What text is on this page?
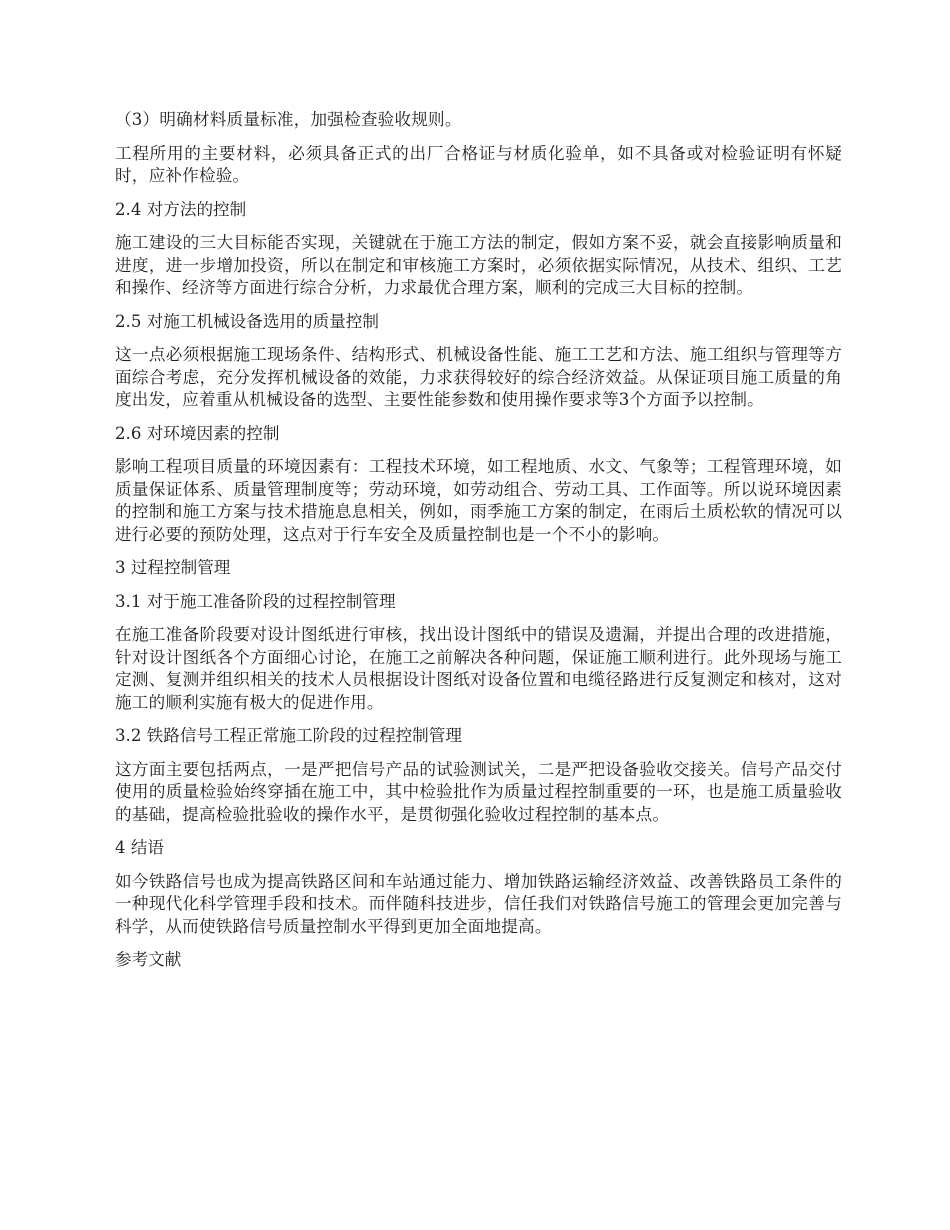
（3）明确材料质量标准，加强检查验收规则。

工程所用的主要材料，必须具备正式的出厂合格证与材质化验单，如不具备或对检验证明有怀疑时，应补作检验。

2.4 对方法的控制

施工建设的三大目标能否实现，关键就在于施工方法的制定，假如方案不妥，就会直接影响质量和进度，进一步增加投资，所以在制定和审核施工方案时，必须依据实际情况，从技术、组织、工艺和操作、经济等方面进行综合分析，力求最优合理方案，顺利的完成三大目标的控制。

2.5 对施工机械设备选用的质量控制

这一点必须根据施工现场条件、结构形式、机械设备性能、施工工艺和方法、施工组织与管理等方面综合考虑，充分发挥机械设备的效能，力求获得较好的综合经济效益。从保证项目施工质量的角度出发，应着重从机械设备的选型、主要性能参数和使用操作要求等3个方面予以控制。

2.6 对环境因素的控制

影响工程项目质量的环境因素有：工程技术环境，如工程地质、水文、气象等；工程管理环境，如质量保证体系、质量管理制度等；劳动环境，如劳动组合、劳动工具、工作面等。所以说环境因素的控制和施工方案与技术措施息息相关，例如，雨季施工方案的制定，在雨后土质松软的情况可以进行必要的预防处理，这点对于行车安全及质量控制也是一个不小的影响。

3 过程控制管理

3.1 对于施工准备阶段的过程控制管理

在施工准备阶段要对设计图纸进行审核，找出设计图纸中的错误及遗漏，并提出合理的改进措施，针对设计图纸各个方面细心讨论，在施工之前解决各种问题，保证施工顺利进行。此外现场与施工定测、复测并组织相关的技术人员根据设计图纸对设备位置和电缆径路进行反复测定和核对，这对施工的顺利实施有极大的促进作用。

3.2 铁路信号工程正常施工阶段的过程控制管理

这方面主要包括两点，一是严把信号产品的试验测试关，二是严把设备验收交接关。信号产品交付使用的质量检验始终穿插在施工中，其中检验批作为质量过程控制重要的一环，也是施工质量验收的基础，提高检验批验收的操作水平，是贯彻强化验收过程控制的基本点。

4 结语

如今铁路信号也成为提高铁路区间和车站通过能力、增加铁路运输经济效益、改善铁路员工条件的一种现代化科学管理手段和技术。而伴随科技进步，信任我们对铁路信号施工的管理会更加完善与科学，从而使铁路信号质量控制水平得到更加全面地提高。

参考文献
